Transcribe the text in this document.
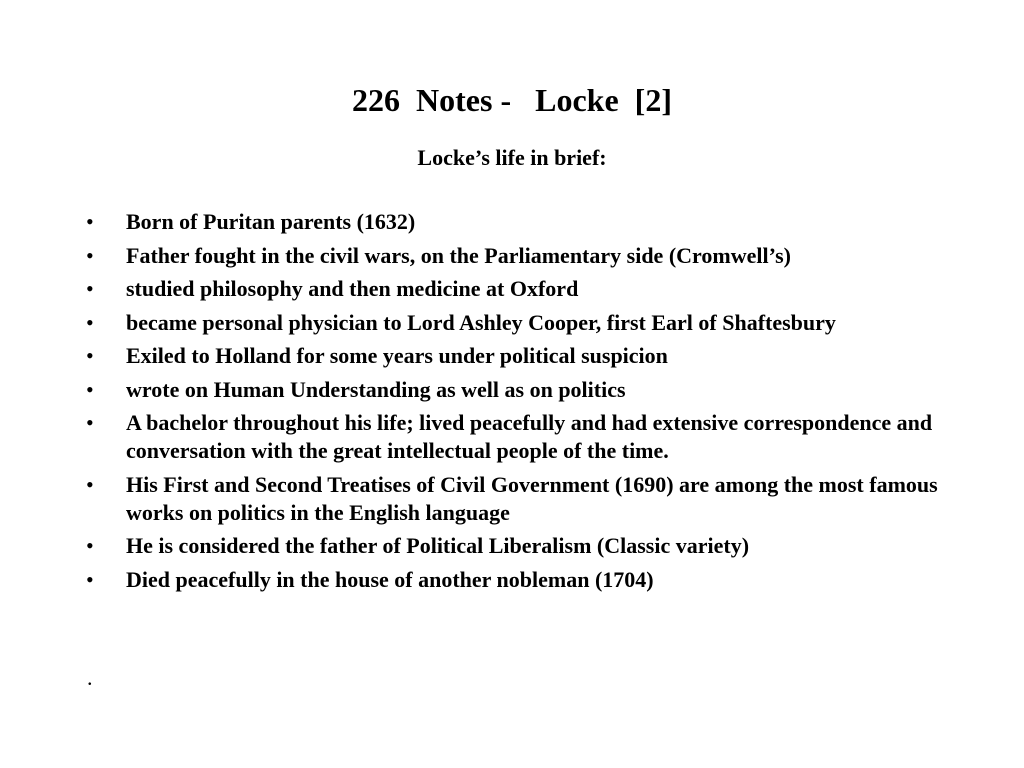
226  Notes -   Locke  [2]
Locke’s life in brief:
• Born of Puritan parents (1632)
• Father fought in the civil wars, on the Parliamentary side (Cromwell’s)
• studied philosophy and then medicine at Oxford
• became personal physician to Lord Ashley Cooper, first Earl of Shaftesbury
• Exiled to Holland for some years under political suspicion
• wrote on Human Understanding as well as on politics
• A bachelor throughout his life; lived peacefully and had extensive correspondence and conversation with the great intellectual people of the time.
• His First and Second Treatises of Civil Government (1690) are among the most famous works on politics in the English language
• He is considered the father of Political Liberalism (Classic variety)
• Died peacefully in the house of another nobleman (1704)
.
